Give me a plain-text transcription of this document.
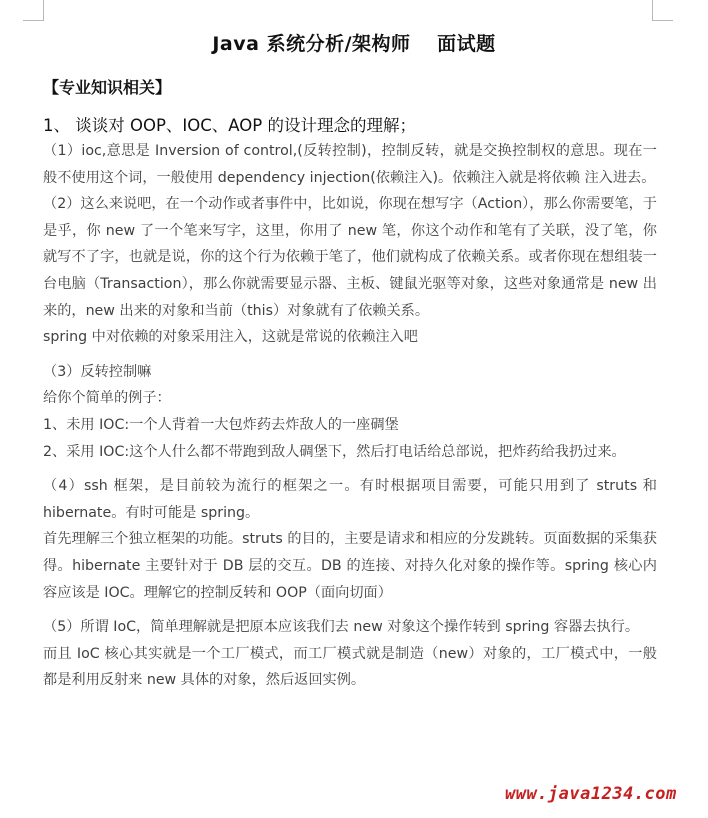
Java 系统分析/架构师　 面试题
【专业知识相关】
1、 谈谈对 OOP、IOC、AOP 的设计理念的理解；

（1）ioc,意思是 Inversion of control,(反转控制)，控制反转，就是交换控制权的意思。现在一般不使用这个词，一般使用 dependency injection(依赖注入)。依赖注入就是将依赖 注入进去。

（2）这么来说吧，在一个动作或者事件中，比如说，你现在想写字（Action），那么你需要笔，于是乎，你 new 了一个笔来写字，这里，你用了 new 笔，你这个动作和笔有了关联，没了笔，你就写不了字，也就是说，你的这个行为依赖于笔了，他们就构成了依赖关系。或者你现在想组装一台电脑（Transaction），那么你就需要显示器、主板、键鼠光驱等对象，这些对象通常是 new 出来的，new 出来的对象和当前（this）对象就有了依赖关系。

spring 中对依赖的对象采用注入，这就是常说的依赖注入吧

（3）反转控制嘛

给你个简单的例子：

1、未用 IOC:一个人背着一大包炸药去炸敌人的一座碉堡

2、采用 IOC:这个人什么都不带跑到敌人碉堡下，然后打电话给总部说，把炸药给我扔过来。

（4）ssh 框架，是目前较为流行的框架之一。有时根据项目需要，可能只用到了 struts 和 hibernate。有时可能是 spring。

首先理解三个独立框架的功能。struts 的目的，主要是请求和相应的分发跳转。页面数据的采集获得。hibernate 主要针对于 DB 层的交互。DB 的连接、对持久化对象的操作等。spring 核心内容应该是 IOC。理解它的控制反转和 OOP（面向切面）

（5）所谓 IoC，简单理解就是把原本应该我们去 new 对象这个操作转到 spring 容器去执行。

而且 IoC 核心其实就是一个工厂模式，而工厂模式就是制造（new）对象的，工厂模式中，一般都是利用反射来 new 具体的对象，然后返回实例。

www.java1234.com
